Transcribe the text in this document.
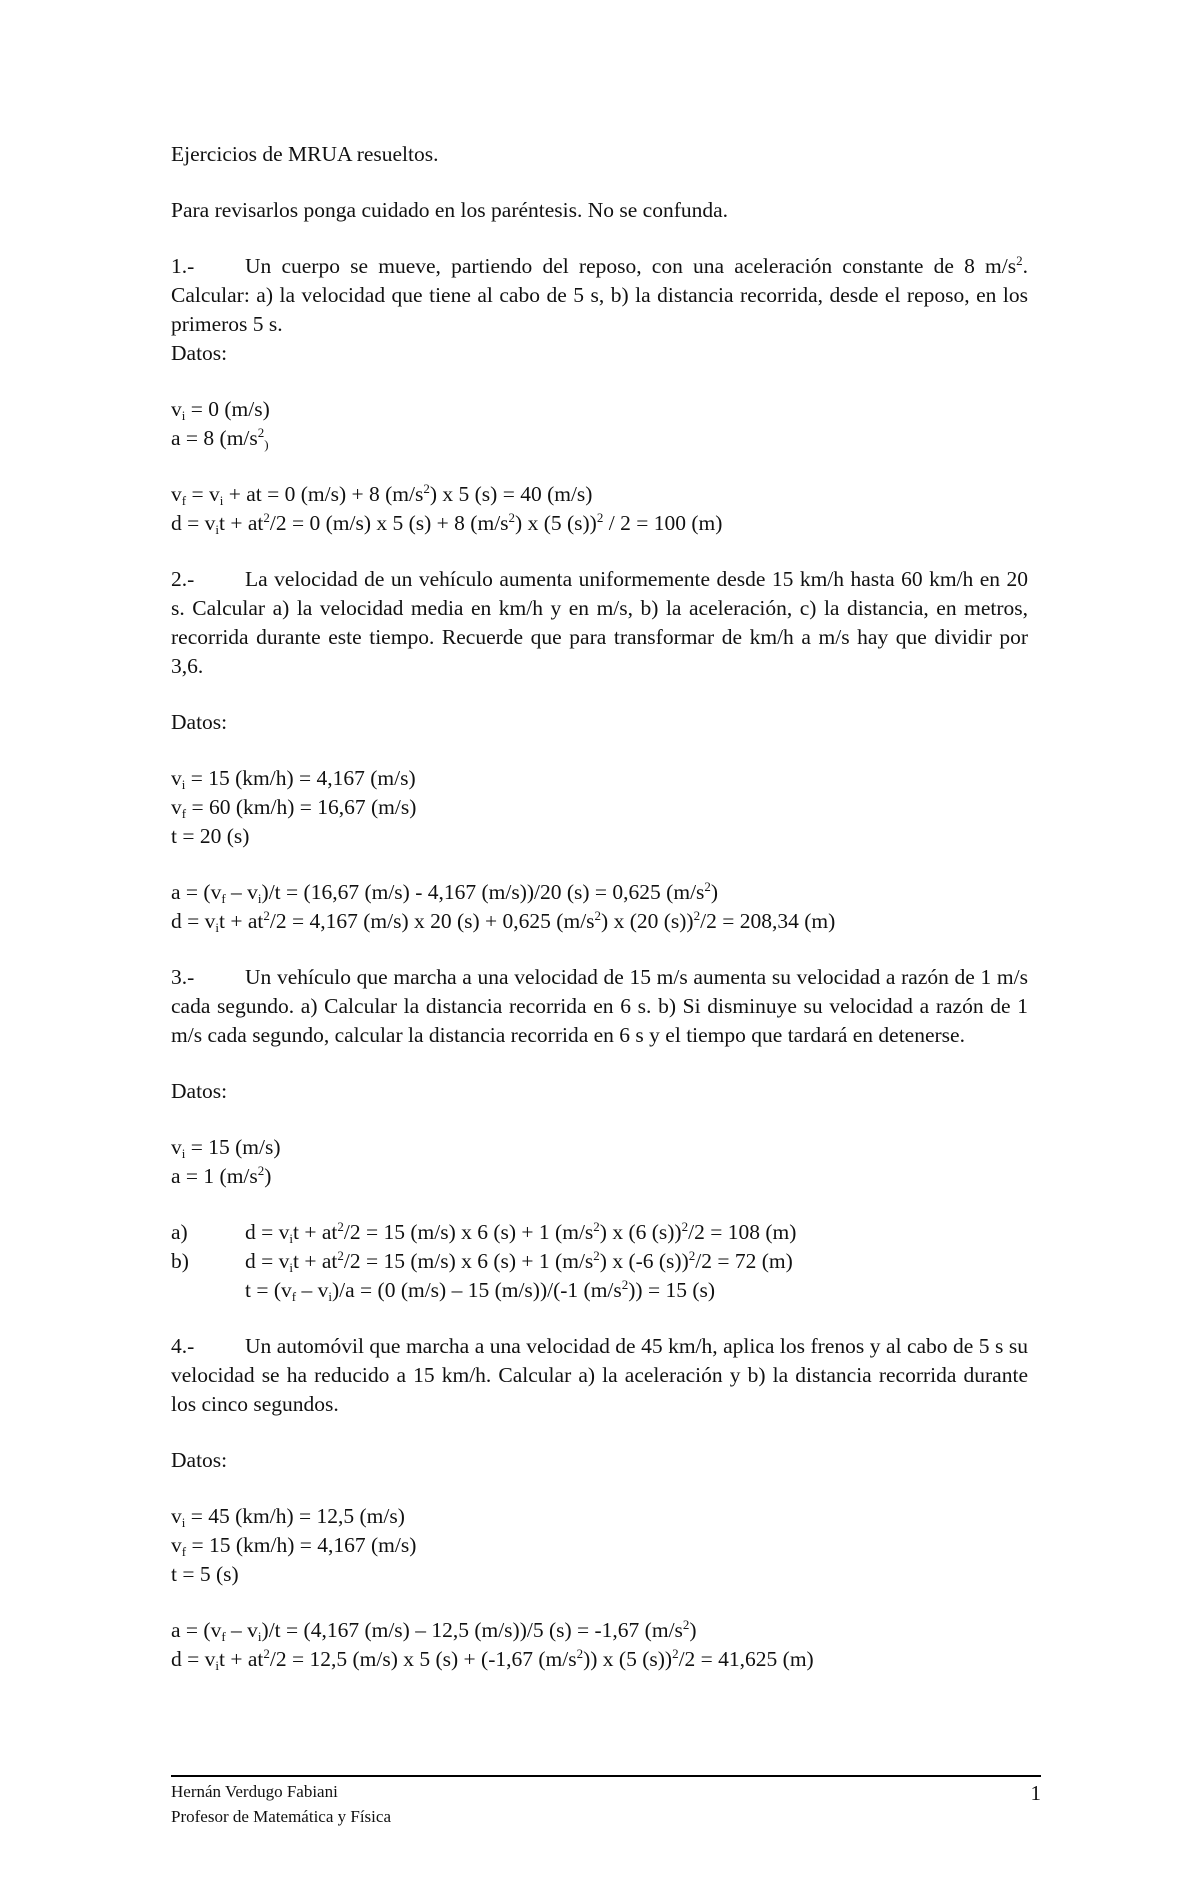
Ejercicios de MRUA resueltos.

Para revisarlos ponga cuidado en los paréntesis. No se confunda.

1.- Un cuerpo se mueve, partiendo del reposo, con una aceleración constante de 8 $m/s^2$. Calcular: a) la velocidad que tiene al cabo de 5 s, b) la distancia recorrida, desde el reposo, en los primeros 5 s.

Datos:

$v_i = 0$ (m/s)

a = 8 ($m/s^2_)$

$v_f = v_i$ + at = 0 (m/s) + 8 $(m/s^2)$ x 5 (s) = 40 (m/s)

$d = v_it + at^2/2 = 0$ (m/s) x 5 (s) + 8 $(m/s^2)$ x (5 (s))$^2$ / 2 = 100 (m)

2.- La velocidad de un vehículo aumenta uniformemente desde 15 km/h hasta 60 km/h en 20 s. Calcular a) la velocidad media en km/h y en m/s, b) la aceleración, c) la distancia, en metros, recorrida durante este tiempo. Recuerde que para transformar de km/h a m/s hay que dividir por 3,6.

Datos:

$v_i = 15$ (km/h) = 4,167 (m/s)

$v_f = 60$ (km/h) = 16,67 (m/s)

t = 20 (s)

$a = (v_f - v_i)/t = (16,67$ (m/s) - 4,167 (m/s))/20 (s) = 0,625 $(m/s^2)$

$d = v_it + at^2/2 = 4,167$ (m/s) x 20 (s) + 0,625 $(m/s^2)$ x (20 (s))$^2$/2 = 208,34 (m)

3.- Un vehículo que marcha a una velocidad de 15 m/s aumenta su velocidad a razón de 1 m/s cada segundo. a) Calcular la distancia recorrida en 6 s. b) Si disminuye su velocidad a razón de 1 m/s cada segundo, calcular la distancia recorrida en 6 s y el tiempo que tardará en detenerse.

Datos:

$v_i = 15$ (m/s)

a = 1 $(m/s^2)$

a)	$d = v_it + at^2/2 = 15$ (m/s) x 6 (s) + 1 $(m/s^2)$ x (6 (s))$^2$/2 = 108 (m)
b)	$d = v_it + at^2/2 = 15$ (m/s) x 6 (s) + 1 $(m/s^2)$ x (-6 (s))$^2$/2 = 72 (m)
$t = (v_f - v_i)/a = (0$ (m/s) – 15 (m/s))/(-1 $(m/s^2)) = 15$ (s)

4.- Un automóvil que marcha a una velocidad de 45 km/h, aplica los frenos y al cabo de 5 s su velocidad se ha reducido a 15 km/h. Calcular a) la aceleración y b) la distancia recorrida durante los cinco segundos.

Datos:

$v_i = 45$ (km/h) = 12,5 (m/s)

$v_f = 15$ (km/h) = 4,167 (m/s)

t = 5 (s)

$a = (v_f - v_i)/t = (4,167$ (m/s) – 12,5 (m/s))/5 (s) = -1,67 $(m/s^2)$

$d = v_it + at^2/2 = 12,5$ (m/s) x 5 (s) + (-1,67 $(m/s^2)$) x (5 (s))$^2$/2 = 41,625 (m)

Hernán Verdugo Fabiani
Profesor de Matemática y Física
1
